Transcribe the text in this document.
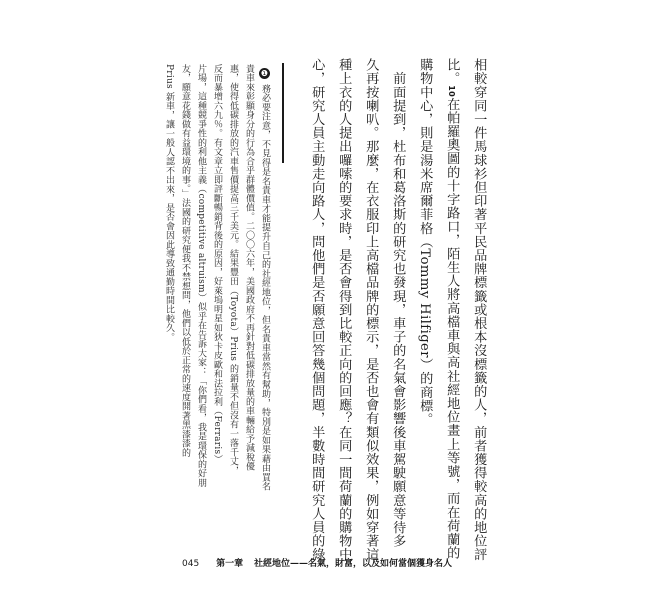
相較穿同一件馬球衫但印著平民品牌標籤或根本沒標籤的人，前者獲得較高的地位評
比。10在帕羅奧圖的十字路口，陌生人將高檔車與高社經地位畫上等號，而在荷蘭的
購物中心，則是湯米席爾菲格（Tommy Hilfiger）的商標。
　前面提到，杜布和葛洛斯的研究也發現，車子的名氣會影響後車駕駛願意等待多
久再按喇叭。那麼，在衣服印上高檔品牌的標示，是否也會有類似效果，例如穿著這
種上衣的人提出囉嗦的要求時，是否會得到比較正向的回應？在同一間荷蘭的購物中
心，研究人員主動走向路人，問他們是否願意回答幾個問題，半數時間研究人員的綠
❶
務必要注意，不見得是名貴車才能提升自己的社經地位，但名貴車當然有幫助，特別是如果藉由買名
貴車來彰顯身分的行為合乎群體價值。二〇〇六年，美國政府不再針對低碳排放量的車輛給予減稅優
惠，使得低碳排放的汽車售價提高三千美元。結果豐田（Toyota）Prius 的銷量不但沒有一落千丈，
反而暴增六九％。有文章立即評斷暢銷背後的原因，好萊塢明星如狄卡皮歐和法拉利（Ferraris）
片場，這種競爭性的利他主義（competitive altruism）似乎在告訴大家：「你們看，我是環保的好朋
友，願意花錢做有益環境的事。」法國的研究便我不禁想問，他們以低於正常的速度開著黑漆漆的
Prius 新車，讓一般人認不出來，是否會因此導致通勤時間比較久。
045 第一章 社經地位——名氣，財富，以及如何當個獲身名人
